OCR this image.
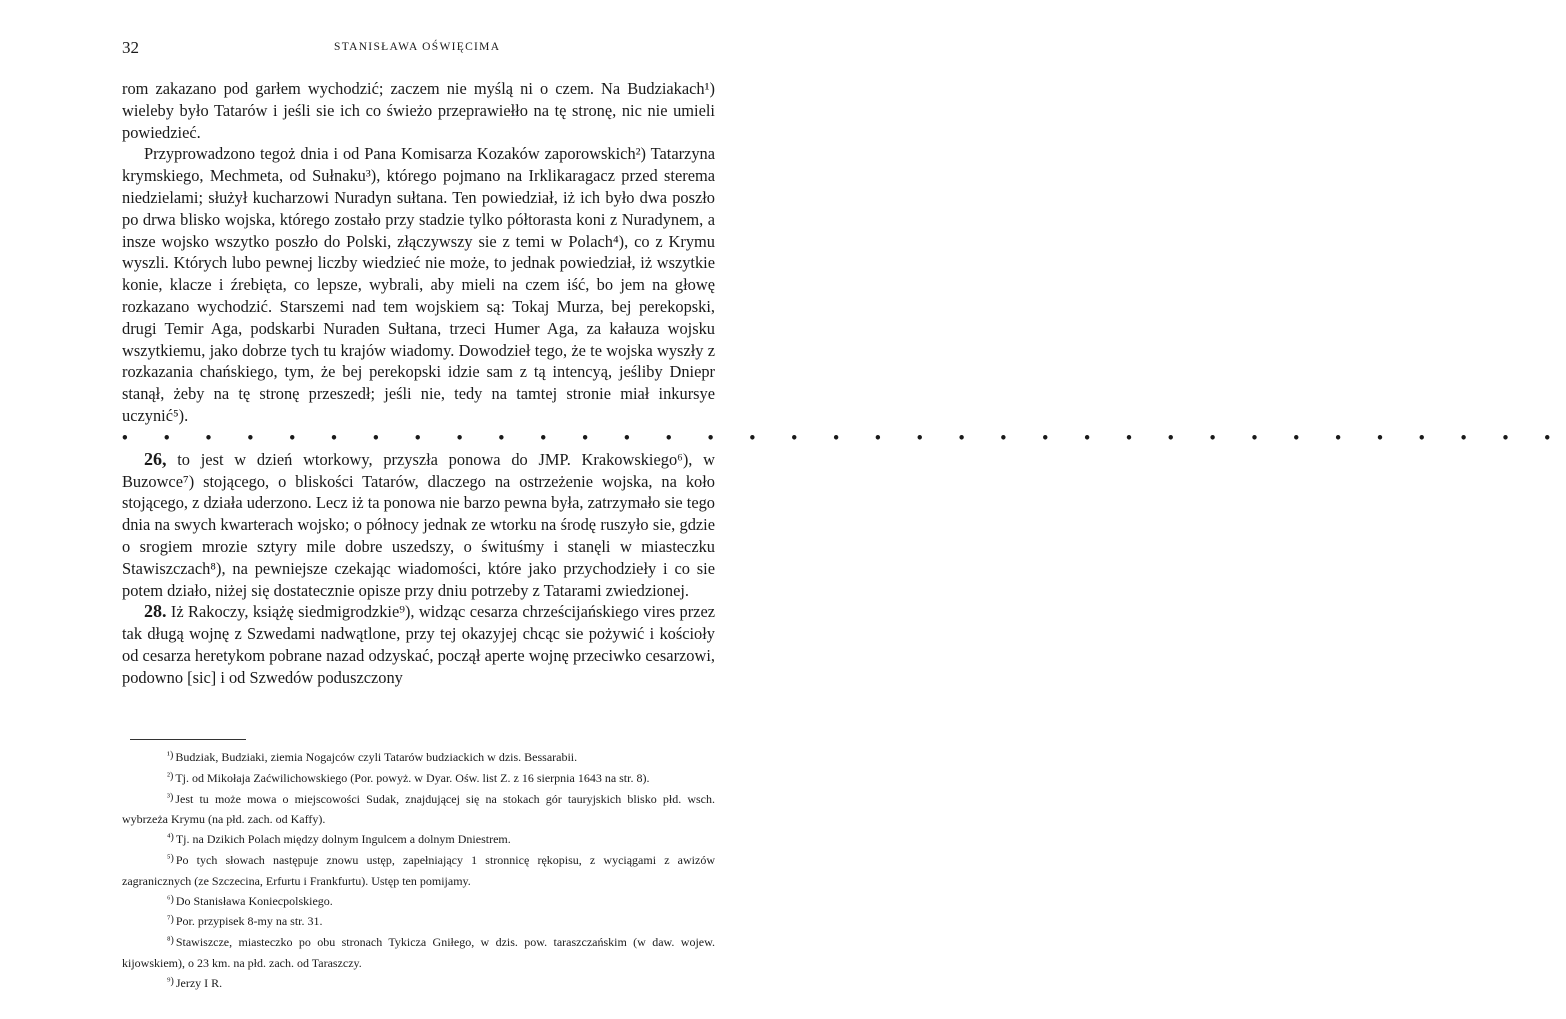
32	STANISŁAWA OŚWIĘCIMA

rom zakazano pod garłem wychodzić; zaczem nie myślą ni o czem. Na Budziakach¹) wieleby było Tatarów i jeśli sie ich co świeżo przeprawiełło na tę stronę, nic nie umieli powiedzieć.

Przyprowadzono tegoż dnia i od Pana Komisarza Kozaków zaporowskich²) Tatarzyna krymskiego, Mechmeta, od Sułnaku³), którego pojmano na Irklikaragacz przed sterema niedzielami; służył kucharzowi Nuradyn sułtana. Ten powiedział, iż ich było dwa poszło po drwa blisko wojska, którego zostało przy stadzie tylko półtorasta koni z Nuradynem, a insze wojsko wszytko poszło do Polski, złączywszy sie z temi w Polach⁴), co z Krymu wyszli. Których lubo pewnej liczby wiedzieć nie może, to jednak powiedział, iż wszytkie konie, klacze i źrebięta, co lepsze, wybrali, aby mieli na czem iść, bo jem na głowę rozkazano wychodzić. Starszemi nad tem wojskiem są: Tokaj Murza, bej perekopski, drugi Temir Aga, podskarbi Nuraden Sułtana, trzeci Humer Aga, za kałauza wojsku wszytkiemu, jako dobrze tych tu krajów wiadomy. Dowodzieł tego, że te wojska wyszły z rozkazania chańskiego, tym, że bej perekopski idzie sam z tą intencyą, jeśliby Dniepr stanął, żeby na tę stronę przeszedł; jeśli nie, tedy na tamtej stronie miał inkursye uczynić⁵).

• • • • • • • • • • • • • • • • • • • • • • • • • • • • • • • • • • •

26, to jest w dzień wtorkowy, przyszła ponowa do JMP. Krakowskiego⁶), w Buzowce⁷) stojącego, o bliskości Tatarów, dlaczego na ostrzeżenie wojska, na koło stojącego, z działa uderzono. Lecz iż ta ponowa nie barzo pewna była, zatrzymało sie tego dnia na swych kwarterach wojsko; o północy jednak ze wtorku na środę ruszyło sie, gdzie o srogiem mrozie sztyry mile dobre uszedszy, o śwituśmy i stanęli w miasteczku Stawiszczach⁸), na pewniejsze czekając wiadomości, które jako przychodzieły i co sie potem działo, niżej się dostatecznie opisze przy dniu potrzeby z Tatarami zwiedzionej.

28. Iż Rakoczy, książę siedmigrodzkie⁹), widząc cesarza chrześcijańskiego vires przez tak długą wojnę z Szwedami nadwątlone, przy tej okazyjej chcąc sie pożywić i kościoły od cesarza heretykom pobrane nazad odzyskać, począł aperte wojnę przeciwko cesarzowi, podowno [sic] i od Szwedów poduszczony

$^{^1)}$ Budziak, Budziaki, ziemia Nogajców czyli Tatarów budziackich w dzis. Bessarabii.

$^{^2)}$ Tj. od Mikołaja Zaćwilichowskiego (Por. powyż. w Dyar. Ośw. list Z. z 16 sierpnia 1643 na str. 8).

$^{^3)}$ Jest tu może mowa o miejscowości Sudak, znajdującej się na stokach gór tauryjskich blisko płd. wsch. wybrzeża Krymu (na płd. zach. od Kaffy).

$^{^4)}$ Tj. na Dzikich Polach między dolnym Ingulcem a dolnym Dniestrem.

$^{^5)}$ Po tych słowach następuje znowu ustęp, zapełniający 1 stronnicę rękopisu, z wyciągami z awizów zagranicznych (ze Szczecina, Erfurtu i Frankfurtu). Ustęp ten pomijamy.

$^{^6)}$ Do Stanisława Koniecpolskiego.

$^{^7)}$ Por. przypisek 8-my na str. 31.

$^{^8)}$ Stawiszcze, miasteczko po obu stronach Tykicza Gniłego, w dzis. pow. taraszczańskim (w daw. wojew. kijowskiem), o 23 km. na płd. zach. od Taraszczy.

$^{^9)}$ Jerzy I R.
